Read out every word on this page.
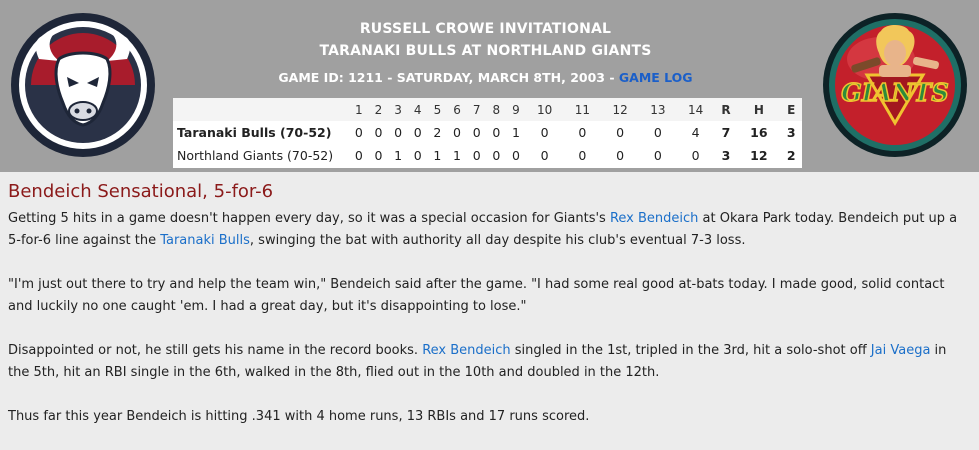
RUSSELL CROWE INVITATIONAL
TARANAKI BULLS AT NORTHLAND GIANTS
GAME ID: 1211 - SATURDAY, MARCH 8TH, 2003 - GAME LOG
	1	2	3	4	5	6	7	8	9	10	11	12	13	14	R	H	E
Taranaki Bulls (70-52)	0	0	0	0	2	0	0	0	1	0	0	0	0	4	7	16	3
Northland Giants (70-52)	0	0	1	0	1	1	0	0	0	0	0	0	0	0	3	12	2
GIANTS
Bendeich Sensational, 5-for-6

Getting 5 hits in a game doesn't happen every day, so it was a special occasion for Giants's Rex Bendeich at Okara Park today. Bendeich put up a 5-for-6 line against the Taranaki Bulls, swinging the bat with authority all day despite his club's eventual 7-3 loss.

"I'm just out there to try and help the team win," Bendeich said after the game. "I had some real good at-bats today. I made good, solid contact and luckily no one caught 'em. I had a great day, but it's disappointing to lose."

Disappointed or not, he still gets his name in the record books. Rex Bendeich singled in the 1st, tripled in the 3rd, hit a solo-shot off Jai Vaega in the 5th, hit an RBI single in the 6th, walked in the 8th, flied out in the 10th and doubled in the 12th.

Thus far this year Bendeich is hitting .341 with 4 home runs, 13 RBIs and 17 runs scored.
